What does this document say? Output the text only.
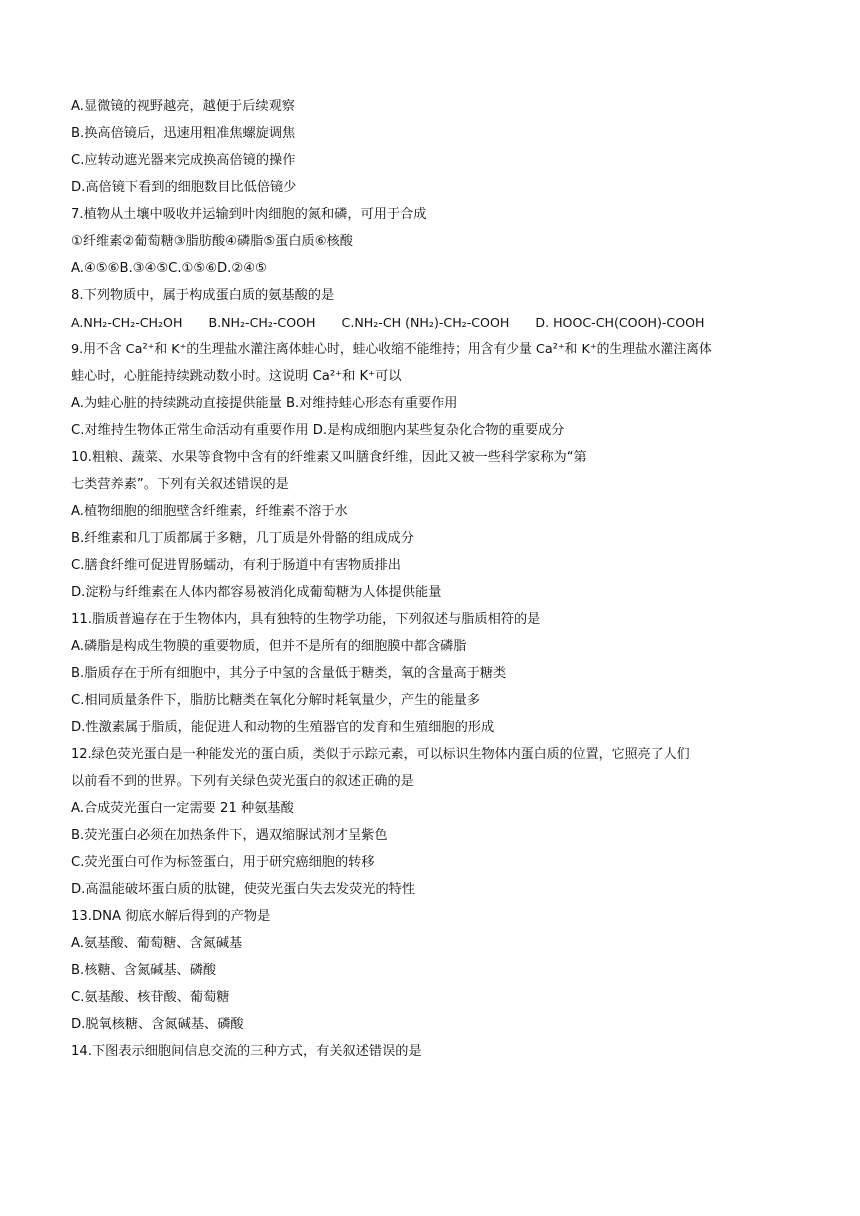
A.显微镜的视野越亮，越便于后续观察
B.换高倍镜后，迅速用粗准焦螺旋调焦
C.应转动遮光器来完成换高倍镜的操作
D.高倍镜下看到的细胞数目比低倍镜少
7.植物从土壤中吸收并运输到叶肉细胞的氮和磷，可用于合成
①纤维素②葡萄糖③脂肪酸④磷脂⑤蛋白质⑥核酸
A.④⑤⑥B.③④⑤C.①⑤⑥D.②④⑤
8.下列物质中，属于构成蛋白质的氨基酸的是
A.NH₂-CH₂-CH₂OH B.NH₂-CH₂-COOH C.NH₂-CH (NH₂)-CH₂-COOH D. HOOC-CH(COOH)-COOH
9.用不含 Ca²⁺和 K⁺的生理盐水灌注离体蛙心时，蛙心收缩不能维持；用含有少量 Ca²⁺和 K⁺的生理盐水灌注离体
蛙心时，心脏能持续跳动数小时。这说明 Ca²⁺和 K⁺可以
A.为蛙心脏的持续跳动直接提供能量 B.对维持蛙心形态有重要作用
C.对维持生物体正常生命活动有重要作用 D.是构成细胞内某些复杂化合物的重要成分
10.粗粮、蔬菜、水果等食物中含有的纤维素又叫膳食纤维，因此又被一些科学家称为“第
七类营养素”。下列有关叙述错误的是
A.植物细胞的细胞壁含纤维素，纤维素不溶于水
B.纤维素和几丁质都属于多糖，几丁质是外骨骼的组成成分
C.膳食纤维可促进胃肠蠕动，有利于肠道中有害物质排出
D.淀粉与纤维素在人体内都容易被消化成葡萄糖为人体提供能量
11.脂质普遍存在于生物体内，具有独特的生物学功能，下列叙述与脂质相符的是
A.磷脂是构成生物膜的重要物质，但并不是所有的细胞膜中都含磷脂
B.脂质存在于所有细胞中，其分子中氢的含量低于糖类，氧的含量高于糖类
C.相同质量条件下，脂肪比糖类在氧化分解时耗氧量少，产生的能量多
D.性激素属于脂质，能促进人和动物的生殖器官的发育和生殖细胞的形成
12.绿色荧光蛋白是一种能发光的蛋白质，类似于示踪元素，可以标识生物体内蛋白质的位置，它照亮了人们
以前看不到的世界。下列有关绿色荧光蛋白的叙述正确的是
A.合成荧光蛋白一定需要 21 种氨基酸
B.荧光蛋白必须在加热条件下，遇双缩脲试剂才呈紫色
C.荧光蛋白可作为标签蛋白，用于研究癌细胞的转移
D.高温能破坏蛋白质的肽键，使荧光蛋白失去发荧光的特性
13.DNA 彻底水解后得到的产物是
A.氨基酸、葡萄糖、含氮碱基
B.核糖、含氮碱基、磷酸
C.氨基酸、核苷酸、葡萄糖
D.脱氧核糖、含氮碱基、磷酸
14.下图表示细胞间信息交流的三种方式，有关叙述错误的是
